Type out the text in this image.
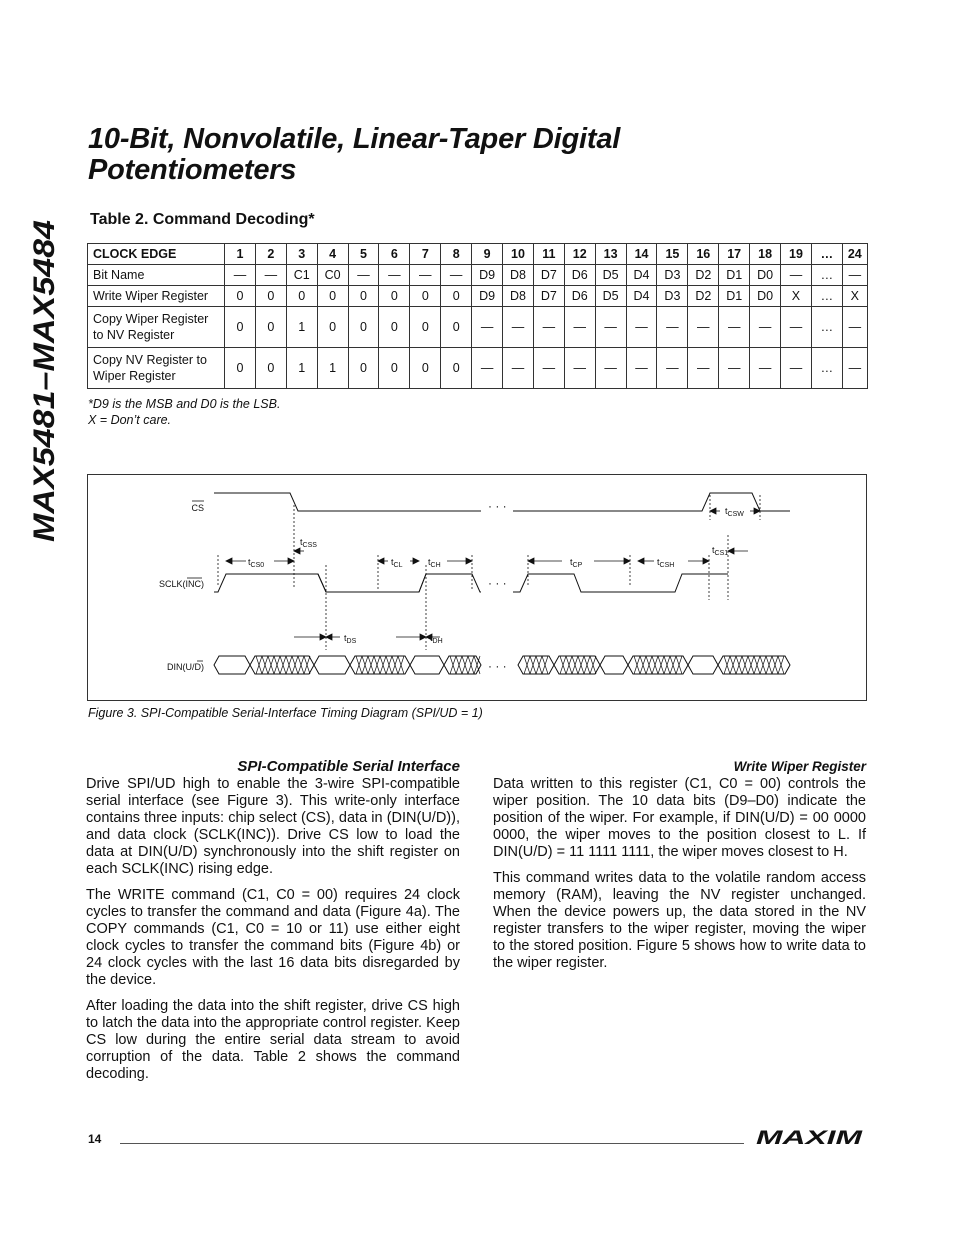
MAX5481–MAX5484
10-Bit, Nonvolatile, Linear-Taper Digital Potentiometers
Table 2. Command Decoding*
CLOCK EDGE	1	2	3	4	5	6	7	8	9	10	11	12	13	14	15	16	17	18	19	…	24
Bit Name	—	—	C1	C0	—	—	—	—	D9	D8	D7	D6	D5	D4	D3	D2	D1	D0	—	…	—
Write Wiper Register	0	0	0	0	0	0	0	0	D9	D8	D7	D6	D5	D4	D3	D2	D1	D0	X	…	X
Copy Wiper Register to NV Register	0	0	1	0	0	0	0	0	—	—	—	—	—	—	—	—	—	—	—	…	—
Copy NV Register to Wiper Register	0	0	1	1	0	0	0	0	—	—	—	—	—	—	—	—	—	—	—	…	—
*D9 is the MSB and D0 is the LSB.
X = Don’t care.
CS
SCLK(INC)
DIN(U/D)
· · ·
· · ·
· · ·
$t_{CSS}$
$t_{CS0}$	$t_{CL}$	$t_{CH}$	$t_{CP}$	$t_{CSH}$
$t_{CS1}$
$t_{CSW}$
$t_{DS}$	$t_{DH}$
Figure 3. SPI-Compatible Serial-Interface Timing Diagram (SPI/UD = 1)
SPI-Compatible Serial Interface

Drive SPI/UD high to enable the 3-wire SPI-compatible serial interface (see Figure 3). This write-only interface contains three inputs: chip select (CS), data in (DIN(U/D)), and data clock (SCLK(INC)). Drive CS low to load the data at DIN(U/D) synchronously into the shift register on each SCLK(INC) rising edge.

The WRITE command (C1, C0 = 00) requires 24 clock cycles to transfer the command and data (Figure 4a). The COPY commands (C1, C0 = 10 or 11) use either eight clock cycles to transfer the command bits (Figure 4b) or 24 clock cycles with the last 16 data bits disregarded by the device.

After loading the data into the shift register, drive CS high to latch the data into the appropriate control register. Keep CS low during the entire serial data stream to avoid corruption of the data. Table 2 shows the command decoding.

Write Wiper Register

Data written to this register (C1, C0 = 00) controls the wiper position. The 10 data bits (D9–D0) indicate the position of the wiper. For example, if DIN(U/D) = 00 0000 0000, the wiper moves to the position closest to L. If DIN(U/D) = 11 1111 1111, the wiper moves closest to H.

This command writes data to the volatile random access memory (RAM), leaving the NV register unchanged. When the device powers up, the data stored in the NV register transfers to the wiper register, moving the wiper to the stored position. Figure 5 shows how to write data to the wiper register.

14	MAXIM
